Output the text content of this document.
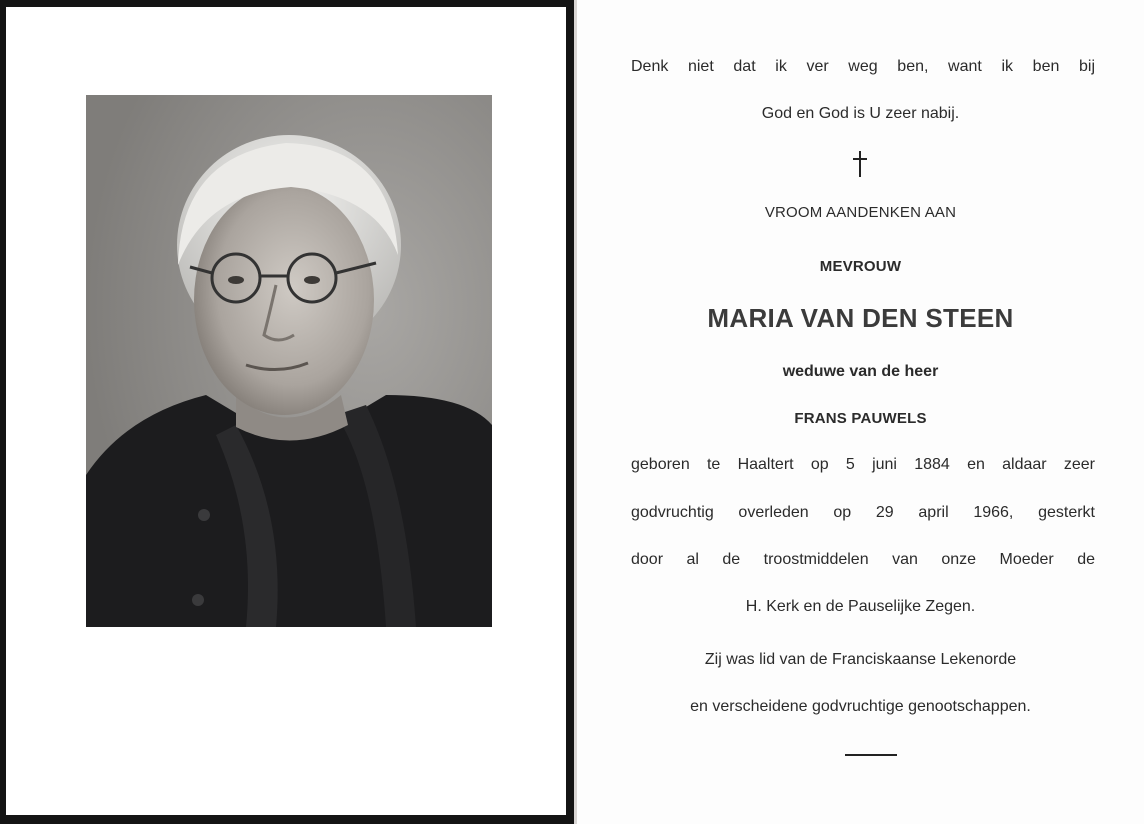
Denk niet dat ik ver weg ben, want ik ben bij
God en God is U zeer nabij.
VROOM AANDENKEN AAN
MEVROUW
MARIA VAN DEN STEEN
weduwe van de heer
FRANS PAUWELS
geboren te Haaltert op 5 juni 1884 en aldaar zeer
godvruchtig overleden op 29 april 1966, gesterkt
door al de troostmiddelen van onze Moeder de
H. Kerk en de Pauselijke Zegen.
Zij was lid van de Franciskaanse Lekenorde
en verscheidene godvruchtige genootschappen.
